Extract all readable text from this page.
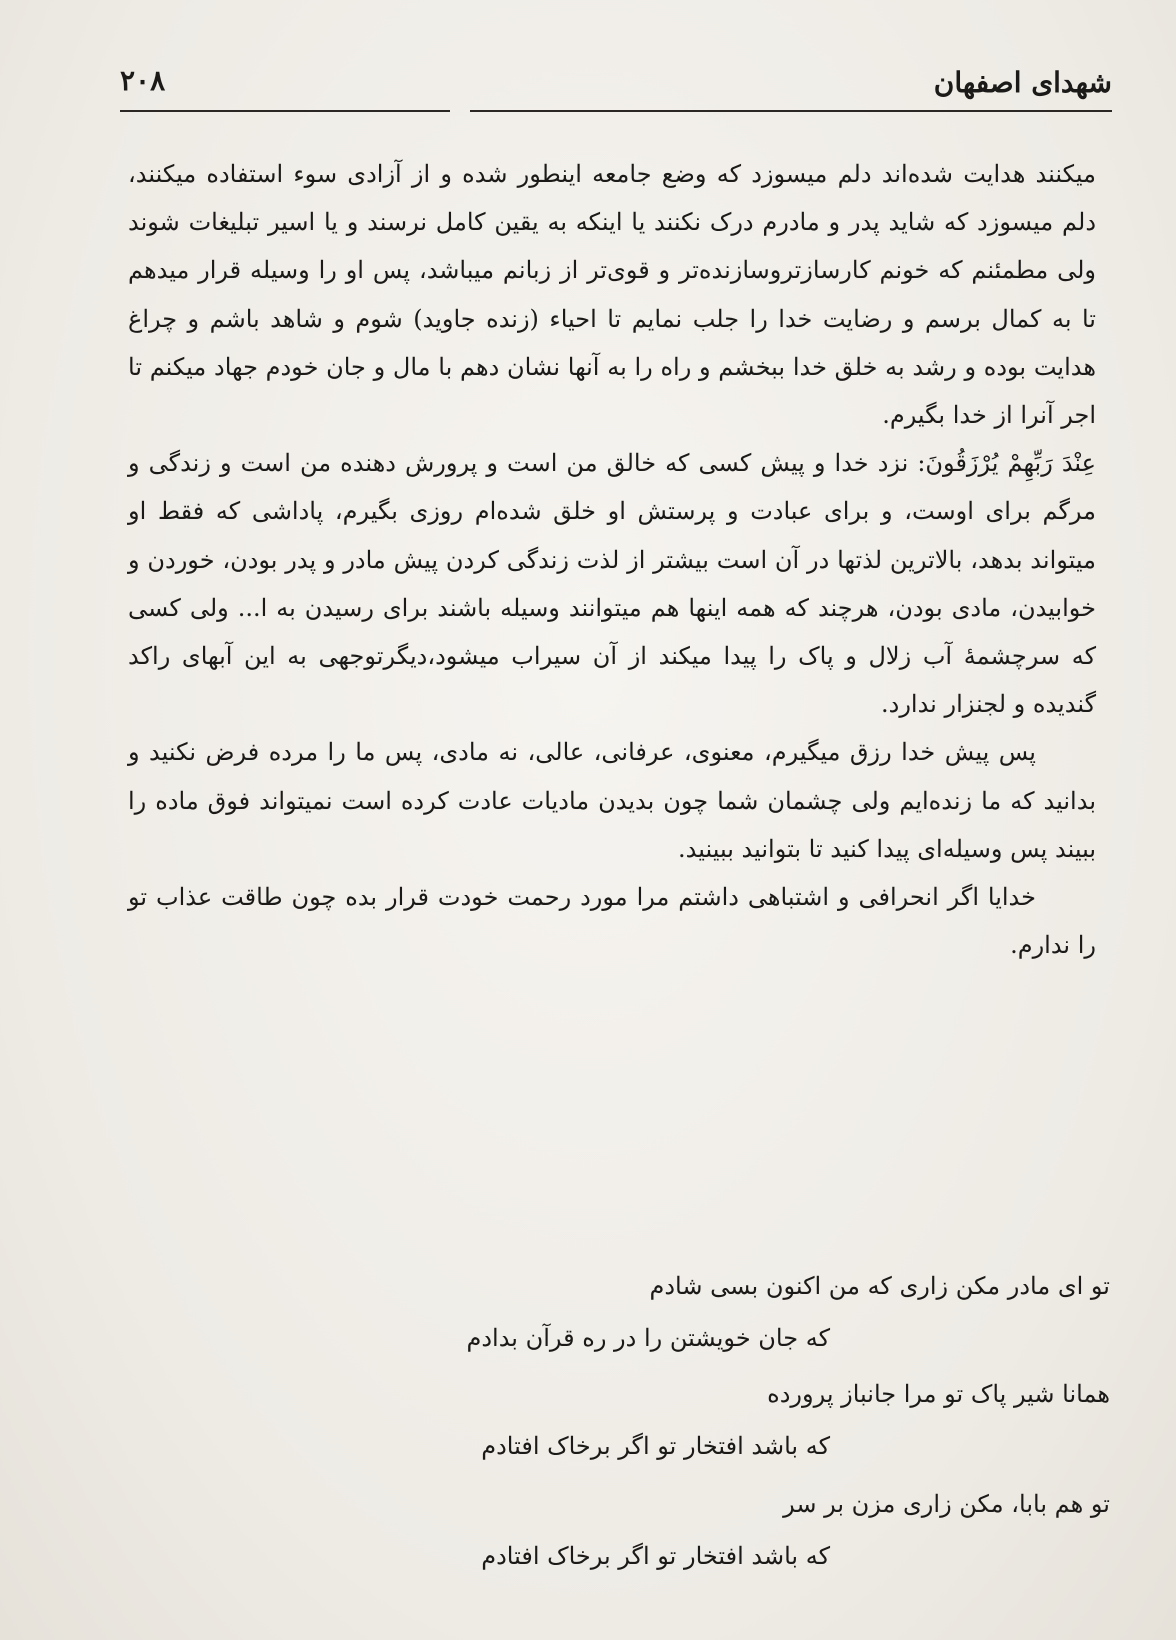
شهدای اصفهان
۲۰۸

میکنند هدایت شده‌اند دلم میسوزد که وضع جامعه اینطور شده و از آزادی سوء استفاده میکنند، دلم میسوزد که شاید پدر و مادرم درک نکنند یا اینکه به یقین کامل نرسند و یا اسیر تبلیغات شوند ولی مطمئنم که خونم کارسازتروسازنده‌تر و قوی‌تر از زبانم میباشد، پس او را وسیله قرار میدهم تا به کمال برسم و رضایت خدا را جلب نمایم تا احیاء (زنده جاوید) شوم و شاهد باشم و چراغ هدایت بوده و رشد به خلق خدا ببخشم و راه را به آنها نشان دهم با مال و جان خودم جهاد میکنم تا اجر آنرا از خدا بگیرم.

عِنْدَ رَبِّهِمْ يُرْزَقُونَ: نزد خدا و پیش کسی که خالق من است و پرورش دهنده من است و زندگی و مرگم برای اوست، و برای عبادت و پرستش او خلق شده‌ام روزی بگیرم، پاداشی که فقط او میتواند بدهد، بالاترین لذتها در آن است بیشتر از لذت زندگی کردن پیش مادر و پدر بودن، خوردن و خوابیدن، مادی بودن، هرچند که همه اینها هم میتوانند وسیله باشند برای رسیدن به ا... ولی کسی که سرچشمهٔ آب زلال و پاک را پیدا میکند از آن سیراب میشود،دیگرتوجهی به این آبهای راکد گندیده و لجنزار ندارد.

پس پیش خدا رزق میگیرم، معنوی، عرفانی، عالی، نه مادی، پس ما را مرده فرض نکنید و بدانید که ما زنده‌ایم ولی چشمان شما چون بدیدن مادیات عادت کرده است نمیتواند فوق ماده را ببیند پس وسیله‌ای پیدا کنید تا بتوانید ببینید.

خدایا اگر انحرافی و اشتباهی داشتم مرا مورد رحمت خودت قرار بده چون طاقت عذاب تو را ندارم.

تو ای مادر مکن زاری که من اکنون بسی شادم
که جان خویشتن را در ره قرآن بدادم
همانا شیر پاک تو مرا جانباز پرورده
که باشد افتخار تو اگر برخاک افتادم
تو هم بابا، مکن زاری مزن بر سر
که باشد افتخار تو اگر برخاک افتادم
